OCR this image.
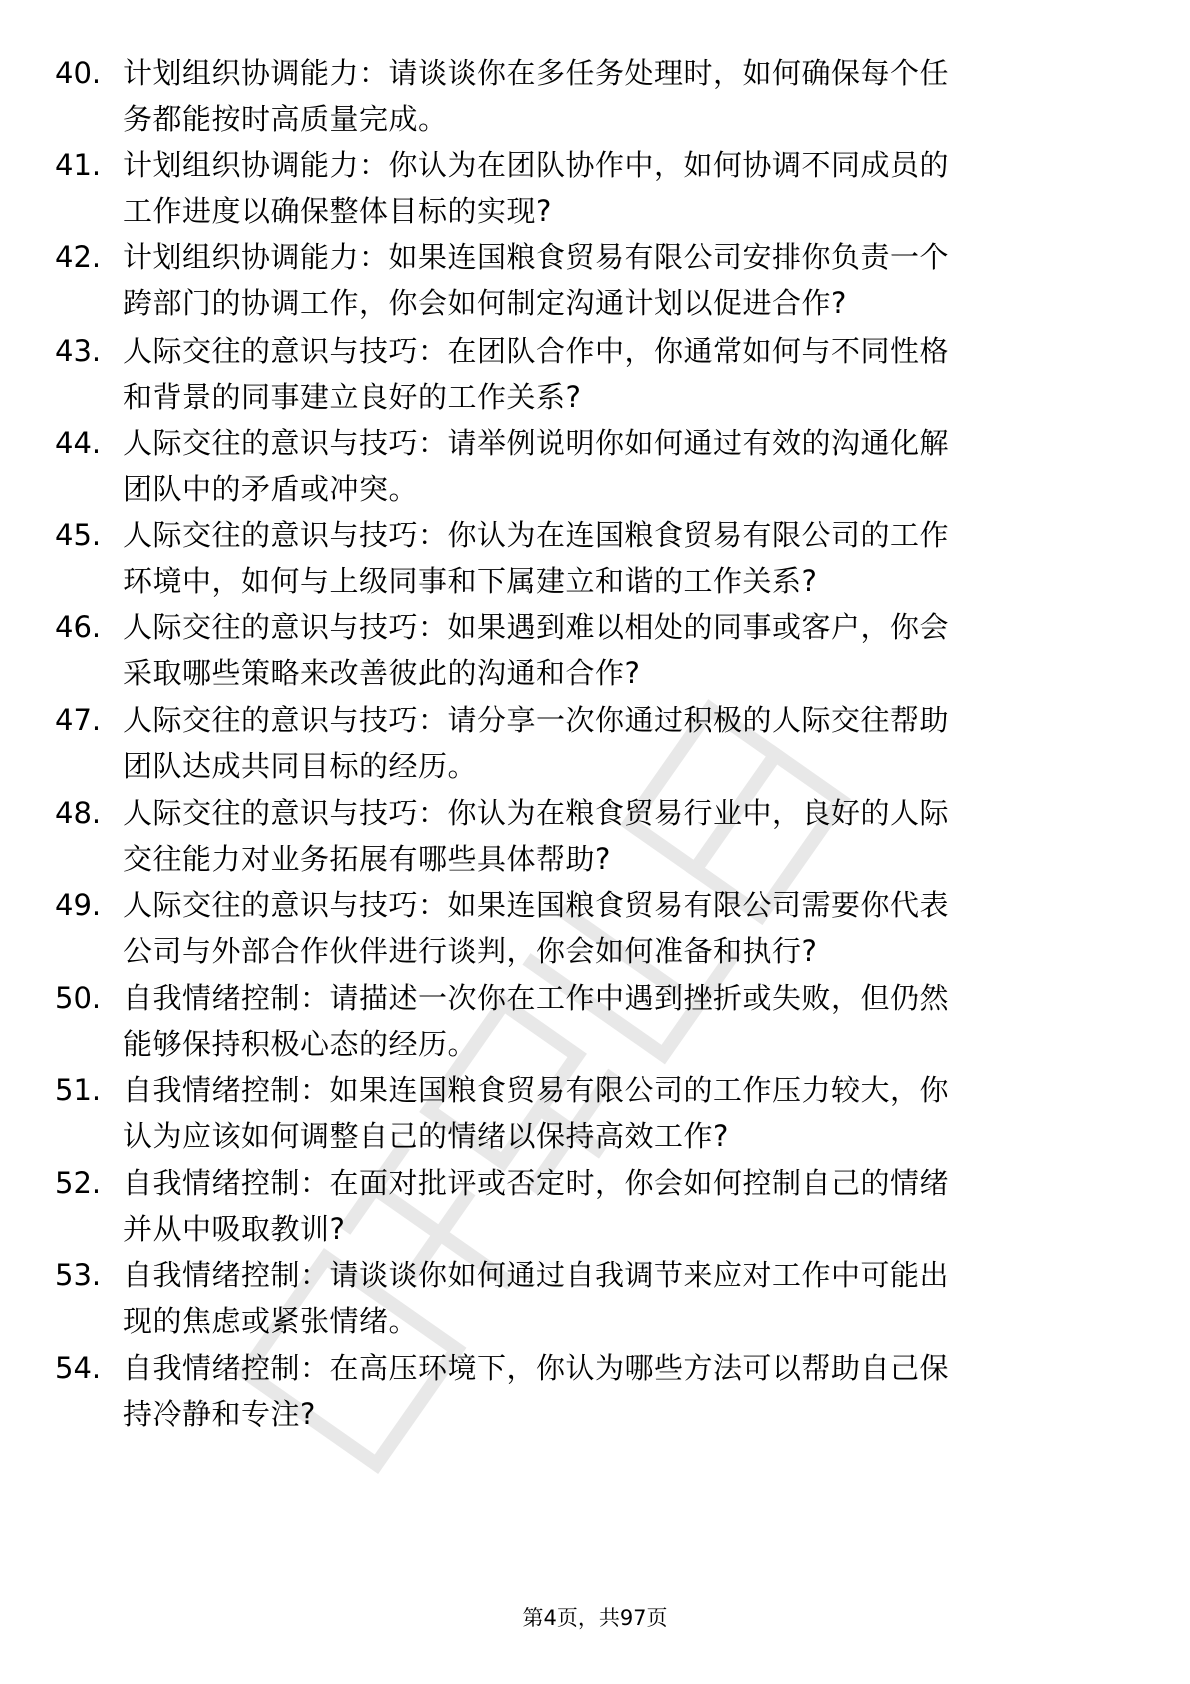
40. 计划组织协调能力：请谈谈你在多任务处理时，如何确保每个任
务都能按时高质量完成。
41. 计划组织协调能力：你认为在团队协作中，如何协调不同成员的
工作进度以确保整体目标的实现?
42. 计划组织协调能力：如果连国粮食贸易有限公司安排你负责一个
跨部门的协调工作，你会如何制定沟通计划以促进合作?
43. 人际交往的意识与技巧：在团队合作中，你通常如何与不同性格
和背景的同事建立良好的工作关系?
44. 人际交往的意识与技巧：请举例说明你如何通过有效的沟通化解
团队中的矛盾或冲突。
45. 人际交往的意识与技巧：你认为在连国粮食贸易有限公司的工作
环境中，如何与上级同事和下属建立和谐的工作关系?
46. 人际交往的意识与技巧：如果遇到难以相处的同事或客户，你会
采取哪些策略来改善彼此的沟通和合作?
47. 人际交往的意识与技巧：请分享一次你通过积极的人际交往帮助
团队达成共同目标的经历。
48. 人际交往的意识与技巧：你认为在粮食贸易行业中，良好的人际
交往能力对业务拓展有哪些具体帮助?
49. 人际交往的意识与技巧：如果连国粮食贸易有限公司需要你代表
公司与外部合作伙伴进行谈判，你会如何准备和执行?
50. 自我情绪控制：请描述一次你在工作中遇到挫折或失败，但仍然
能够保持积极心态的经历。
51. 自我情绪控制：如果连国粮食贸易有限公司的工作压力较大，你
认为应该如何调整自己的情绪以保持高效工作?
52. 自我情绪控制：在面对批评或否定时，你会如何控制自己的情绪
并从中吸取教训?
53. 自我情绪控制：请谈谈你如何通过自我调节来应对工作中可能出
现的焦虑或紧张情绪。
54. 自我情绪控制：在高压环境下，你认为哪些方法可以帮助自己保
持冷静和专注?
第4页，共97页
